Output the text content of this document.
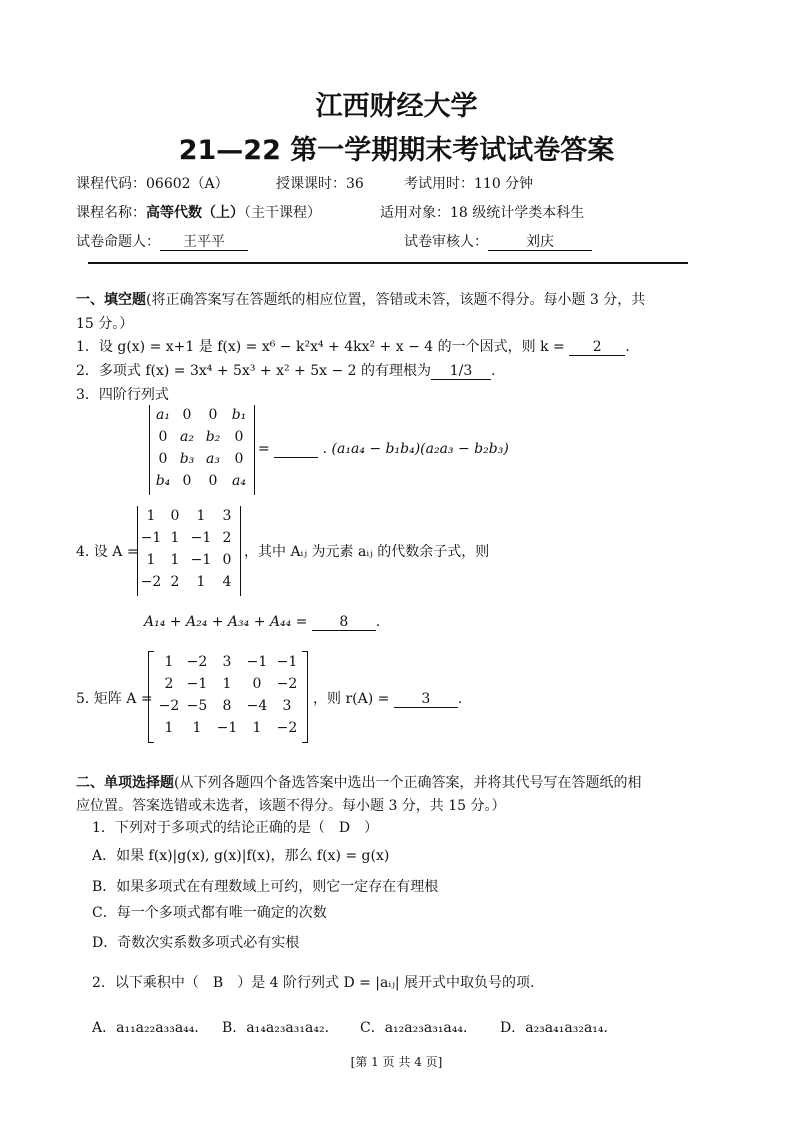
江西财经大学
21—22 第一学期期末考试试卷答案
课程代码：06602（A）	授课课时：36	考试用时：110 分钟
课程名称：高等代数（上）（主干课程）	适用对象：18 级统计学类本科生
试卷命题人： 王平平	试卷审核人：	刘庆
一、填空题(将正确答案写在答题纸的相应位置，答错或未答，该题不得分。每小题 3 分，共
15 分。）
1．设 g(x) = x+1 是 f(x) = x⁶ − k²x⁴ + 4kx² + x − 4 的一个因式，则 k = 2 .
2．多项式 f(x) = 3x⁴ + 5x³ + x² + 5x − 2 的有理根为 1/3 .
3．四阶行列式
a₁ 0	0	b₁
0 a₂ b₂	0
0 b₃ a₃	0
b₄ 0	0	a₄
=	. (a₁a₄ − b₁b₄)(a₂a₃ − b₂b₃)
4. 设 A =
1	0	1	3
−1 1 −1 2
1	1 −1 0
−2 2	1	4
，其中 Aᵢⱼ 为元素 aᵢⱼ 的代数余子式，则
A₁₄ + A₂₄ + A₃₄ + A₄₄ = 8 .
5. 矩阵 A =
1 −2	3	−1 −1
2 −1	1	0	−2
−2 −5	8	−4	3
1	1	−1	1	−2
，则 r(A) = 3 .
二、单项选择题(从下列各题四个备选答案中选出一个正确答案，并将其代号写在答题纸的相
应位置。答案选错或未选者，该题不得分。每小题 3 分，共 15 分。）
1．下列对于多项式的结论正确的是（　D　）
A．如果 f(x)|g(x), g(x)|f(x)，那么 f(x) = g(x)
B．如果多项式在有理数域上可约，则它一定存在有理根
C．每一个多项式都有唯一确定的次数
D．奇数次实系数多项式必有实根
2．以下乘积中（　B　）是 4 阶行列式 D = |aᵢⱼ| 展开式中取负号的项.
A．a₁₁a₂₂a₃₃a₄₄． B．a₁₄a₂₃a₃₁a₄₂． C．a₁₂a₂₃a₃₁a₄₄． D．a₂₃a₄₁a₃₂a₁₄．
[第 1 页 共 4 页]
